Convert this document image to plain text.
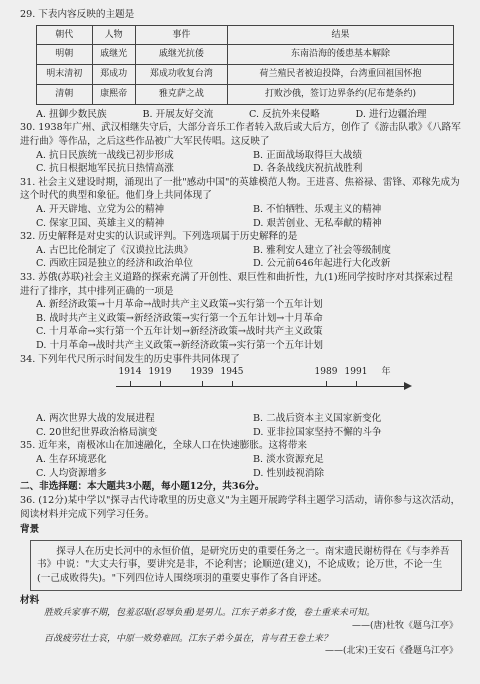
29. 下表内容反映的主题是

朝代	人物	事件	结果
明朝	戚继光	戚继光抗倭	东南沿海的倭患基本解除
明末清初	郑成功	郑成功收复台湾	荷兰殖民者被迫投降，台湾重回祖国怀抱
清朝	康熙帝	雅克萨之战	打败沙俄，签订边界条约(尼布楚条约)
A. 扭御少数民族	B. 开展友好交流	C. 反抗外来侵略	D. 进行边疆治理

30. 1938年广州、武汉相继失守后，大部分音乐工作者转入敌后或大后方，创作了《游击队歌》《八路军进行曲》等作品，之后这些作品被广大军民传唱。这反映了

A. 抗日民族统一战线已初步形成	B. 正面战场取得巨大战绩
C. 抗日根据地军民抗日热情高涨	D. 各条战线庆祝抗战胜利

31. 社会主义建设时期，涌现出了一批"感动中国"的英雄模范人物。王进喜、焦裕禄、雷锋、邓稼先成为这个时代的典型和象征。他们身上共同体现了

A. 开天辟地、立党为公的精神	B. 不怕牺牲、乐观主义的精神
C. 保家卫国、英雄主义的精神	D. 艰苦创业、无私奉献的精神

32. 历史解释是对史实的认识或评判。下列选项属于历史解释的是

A. 古巴比伦制定了《汉谟拉比法典》	B. 雅利安人建立了社会等级制度
C. 西欧庄园是独立的经济和政治单位	D. 公元前646年起进行大化改新

33. 苏俄(苏联)社会主义道路的探索充满了开创性、艰巨性和曲折性，九(1)班同学按时序对其探索过程进行了排序，其中排列正确的一项是

A. 新经济政策→十月革命→战时共产主义政策→实行第一个五年计划
B. 战时共产主义政策→新经济政策→实行第一个五年计划→十月革命
C. 十月革命→实行第一个五年计划→新经济政策→战时共产主义政策
D. 十月革命→战时共产主义政策→新经济政策→实行第一个五年计划

34. 下列年代尺所示时间发生的历史事件共同体现了

1914 1919 1939 1945	1989 1991 年
A. 两次世界大战的发展进程	B. 二战后资本主义国家新变化
C. 20世纪世界政治格局演变	D. 亚非拉国家坚持不懈的斗争

35. 近年来，南极冰山在加速融化，全球人口在快速膨胀。这将带来

A. 生存环境恶化	B. 淡水资源充足
C. 人均资源增多	D. 性别歧视消除

二、非选择题：本大题共3小题，每小题12分，共36分。

36. (12分)某中学以"探寻古代诗歌里的历史意义"为主题开展跨学科主题学习活动，请你参与这次活动，阅读材料并完成下列学习任务。

背景
探寻人在历史长河中的永恒价值，是研究历史的重要任务之一。南宋遗民谢枋得在《与李养吾书》中说："大丈夫行事，要讲究是非，不论利害；论顺逆(建义)，不论成败；论万世，不论一生(一己成败得失)。"下列四位诗人围绕项羽的重要史事作了各自评述。
材料
胜败兵家事不期，包羞忍耻(忍辱负重)是男儿。江东子弟多才俊，卷土重来未可知。
——(唐)杜牧《题乌江亭》
百战疲劳壮士哀，中原一败势难回。江东子弟今虽在，肯与君王卷土来？
——(北宋)王安石《叠题乌江亭》
